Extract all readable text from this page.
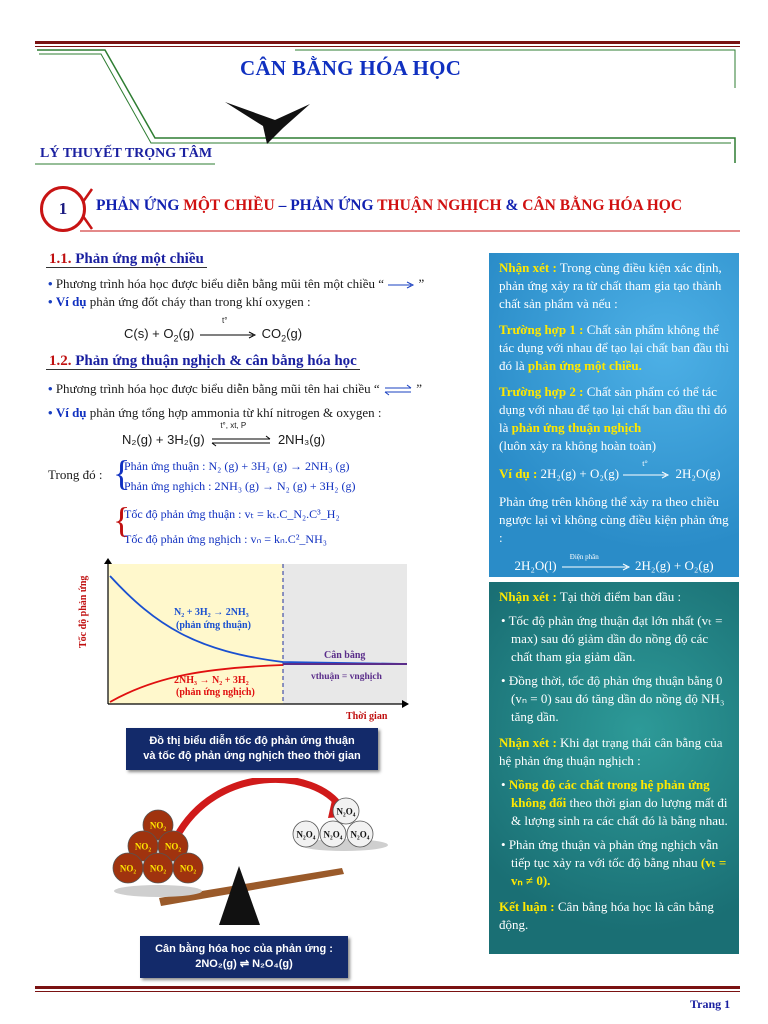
CÂN BẰNG HÓA HỌC
LÝ THUYẾT TRỌNG TÂM
1	PHẢN ỨNG MỘT CHIỀU – PHẢN ỨNG THUẬN NGHỊCH & CÂN BẰNG HÓA HỌC
1.1. Phản ứng một chiều
• Phương trình hóa học được biểu diễn bằng mũi tên một chiều “	”
• Ví dụ phản ứng đốt cháy than trong khí oxygen :
$C(s) + O_2(g)$
t°
$CO_2(g)$
1.2. Phản ứng thuận nghịch & cân bằng hóa học
• Phương trình hóa học được biểu diễn bằng mũi tên hai chiều “	”
• Ví dụ phản ứng tổng hợp ammonia từ khí nitrogen & oxygen :
N₂(g) + 3H₂(g)
t°, xt, P
2NH₃(g)
Trong đó : {
Phản ứng thuận : N₂ (g) + 3H₂ (g) → 2NH₃ (g)
Phản ứng nghịch : 2NH₃ (g) → N₂ (g) + 3H₂ (g)
{
Tốc độ phản ứng thuận : vₜ = kₜ.C_N₂.C³_H₂
Tốc độ phản ứng nghịch : vₙ = kₙ.C²_NH₃
N₂ + 3H₂ → 2NH₃
(phản ứng thuận)
2NH₃ → N₂ + 3H₂
(phản ứng nghịch)
Cân bằng
vthuận = vnghịch
Thời gian
Tốc độ phản ứng
Đồ thị biểu diễn tốc độ phản ứng thuận
và tốc độ phản ứng nghịch theo thời gian
NO₂
NO₂ NO₂
NO₂ NO₂ NO₂
N₂O₄
N₂O₄ N₂O₄ N₂O₄
Cân bằng hóa học của phản ứng :
2NO₂(g) ⇌ N₂O₄(g)

Nhận xét : Trong cùng điều kiện xác định, phản ứng xảy ra từ chất tham gia tạo thành chất sản phẩm và nếu :

Trường hợp 1 : Chất sản phẩm không thể tác dụng với nhau để tạo lại chất ban đầu thì đó là phản ứng một chiều.

Trường hợp 2 : Chất sản phẩm có thể tác dụng với nhau để tạo lại chất ban đầu thì đó là phản ứng thuận nghịch
(luôn xảy ra không hoàn toàn)

Ví dụ : 2H₂(g) + O₂(g)
t°
2H₂O(g)

Phản ứng trên không thể xảy ra theo chiều ngược lại vì không cùng điều kiện phản ứng :

2H₂O(l)
Điện phân
2H₂(g) + O₂(g)

Nhận xét : Tại thời điểm ban đầu :

• Tốc độ phản ứng thuận đạt lớn nhất (vₜ = max) sau đó giảm dần do nồng độ các chất tham gia giảm dần.

• Đồng thời, tốc độ phản ứng thuận bằng 0 (vₙ = 0) sau đó tăng dần do nồng độ NH₃ tăng dần.

Nhận xét : Khi đạt trạng thái cân bằng của hệ phản ứng thuận nghịch :

• Nồng độ các chất trong hệ phản ứng không đổi theo thời gian do lượng mất đi & lượng sinh ra các chất đó là bằng nhau.

• Phản ứng thuận và phản ứng nghịch vẫn tiếp tục xảy ra với tốc độ bằng nhau (vₜ = vₙ ≠ 0).

Kết luận : Cân bằng hóa học là cân bằng động.

Trang 1
